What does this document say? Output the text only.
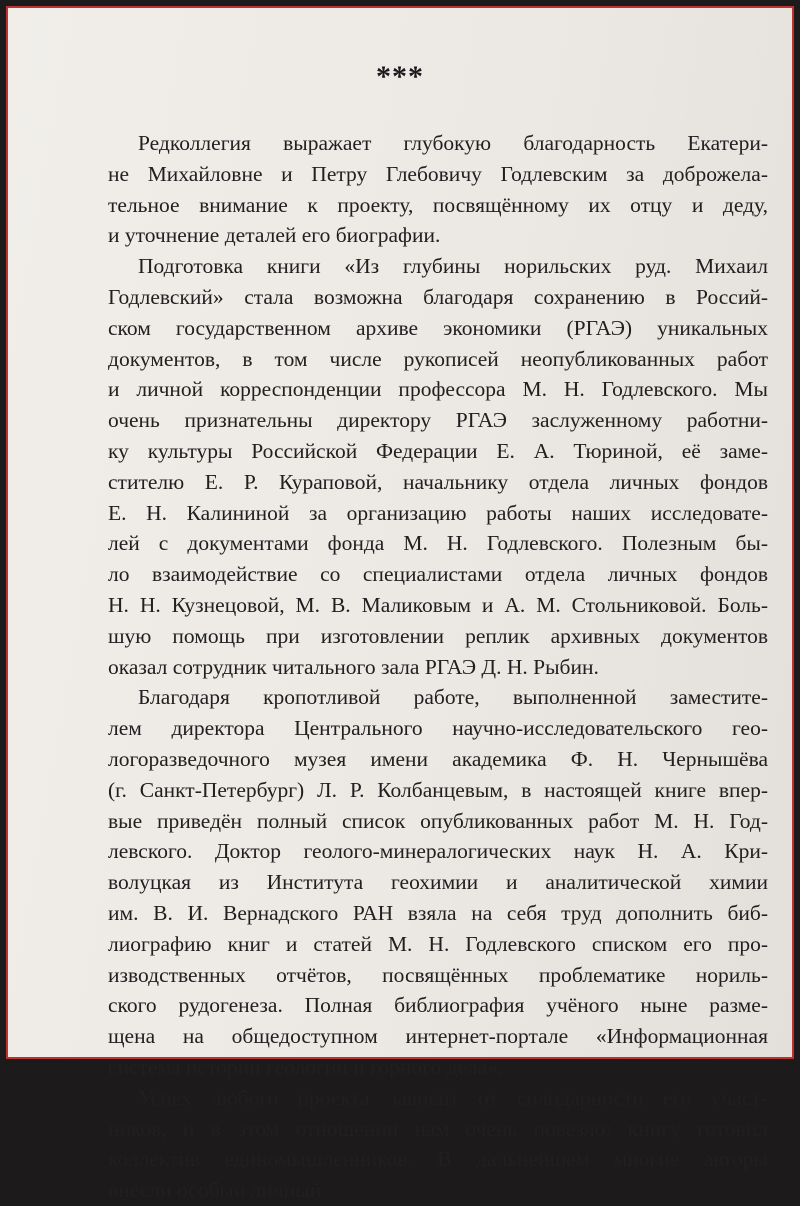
***
Редколлегия выражает глубокую благодарность Екатери-
не Михайловне и Петру Глебовичу Годлевским за доброжела-
тельное внимание к проекту, посвящённому их отцу и деду,
и уточнение деталей его биографии.
Подготовка книги «Из глубины норильских руд. Михаил
Годлевский» стала возможна благодаря сохранению в Россий-
ском государственном архиве экономики (РГАЭ) уникальных
документов, в том числе рукописей неопубликованных работ
и личной корреспонденции профессора М. Н. Годлевского. Мы
очень признательны директору РГАЭ заслуженному работни-
ку культуры Российской Федерации Е. А. Тюриной, её заме-
стителю Е. Р. Кураповой, начальнику отдела личных фондов
Е. Н. Калининой за организацию работы наших исследовате-
лей с документами фонда М. Н. Годлевского. Полезным бы-
ло взаимодействие со специалистами отдела личных фондов
Н. Н. Кузнецовой, М. В. Маликовым и А. М. Стольниковой. Боль-
шую помощь при изготовлении реплик архивных документов
оказал сотрудник читального зала РГАЭ Д. Н. Рыбин.
Благодаря кропотливой работе, выполненной заместите-
лем директора Центрального научно-исследовательского гео-
логоразведочного музея имени академика Ф. Н. Чернышёва
(г. Санкт-Петербург) Л. Р. Колбанцевым, в настоящей книге впер-
вые приведён полный список опубликованных работ М. Н. Год-
левского. Доктор геолого-минералогических наук Н. А. Кри-
волуцкая из Института геохимии и аналитической химии
им. В. И. Вернадского РАН взяла на себя труд дополнить биб-
лиографию книг и статей М. Н. Годлевского списком его про-
изводственных отчётов, посвящённых проблематике нориль-
ского рудогенеза. Полная библиография учёного ныне разме-
щена на общедоступном интернет-портале «Информационная
система истории геологии и горного дела».
Успех любого проекта зависит от солидарности его участ-
ников, и в этом отношении нам очень повезло: книгу готовил
коллектив единомышленников. В дальнейшем многие авторы
внесли особый личный
